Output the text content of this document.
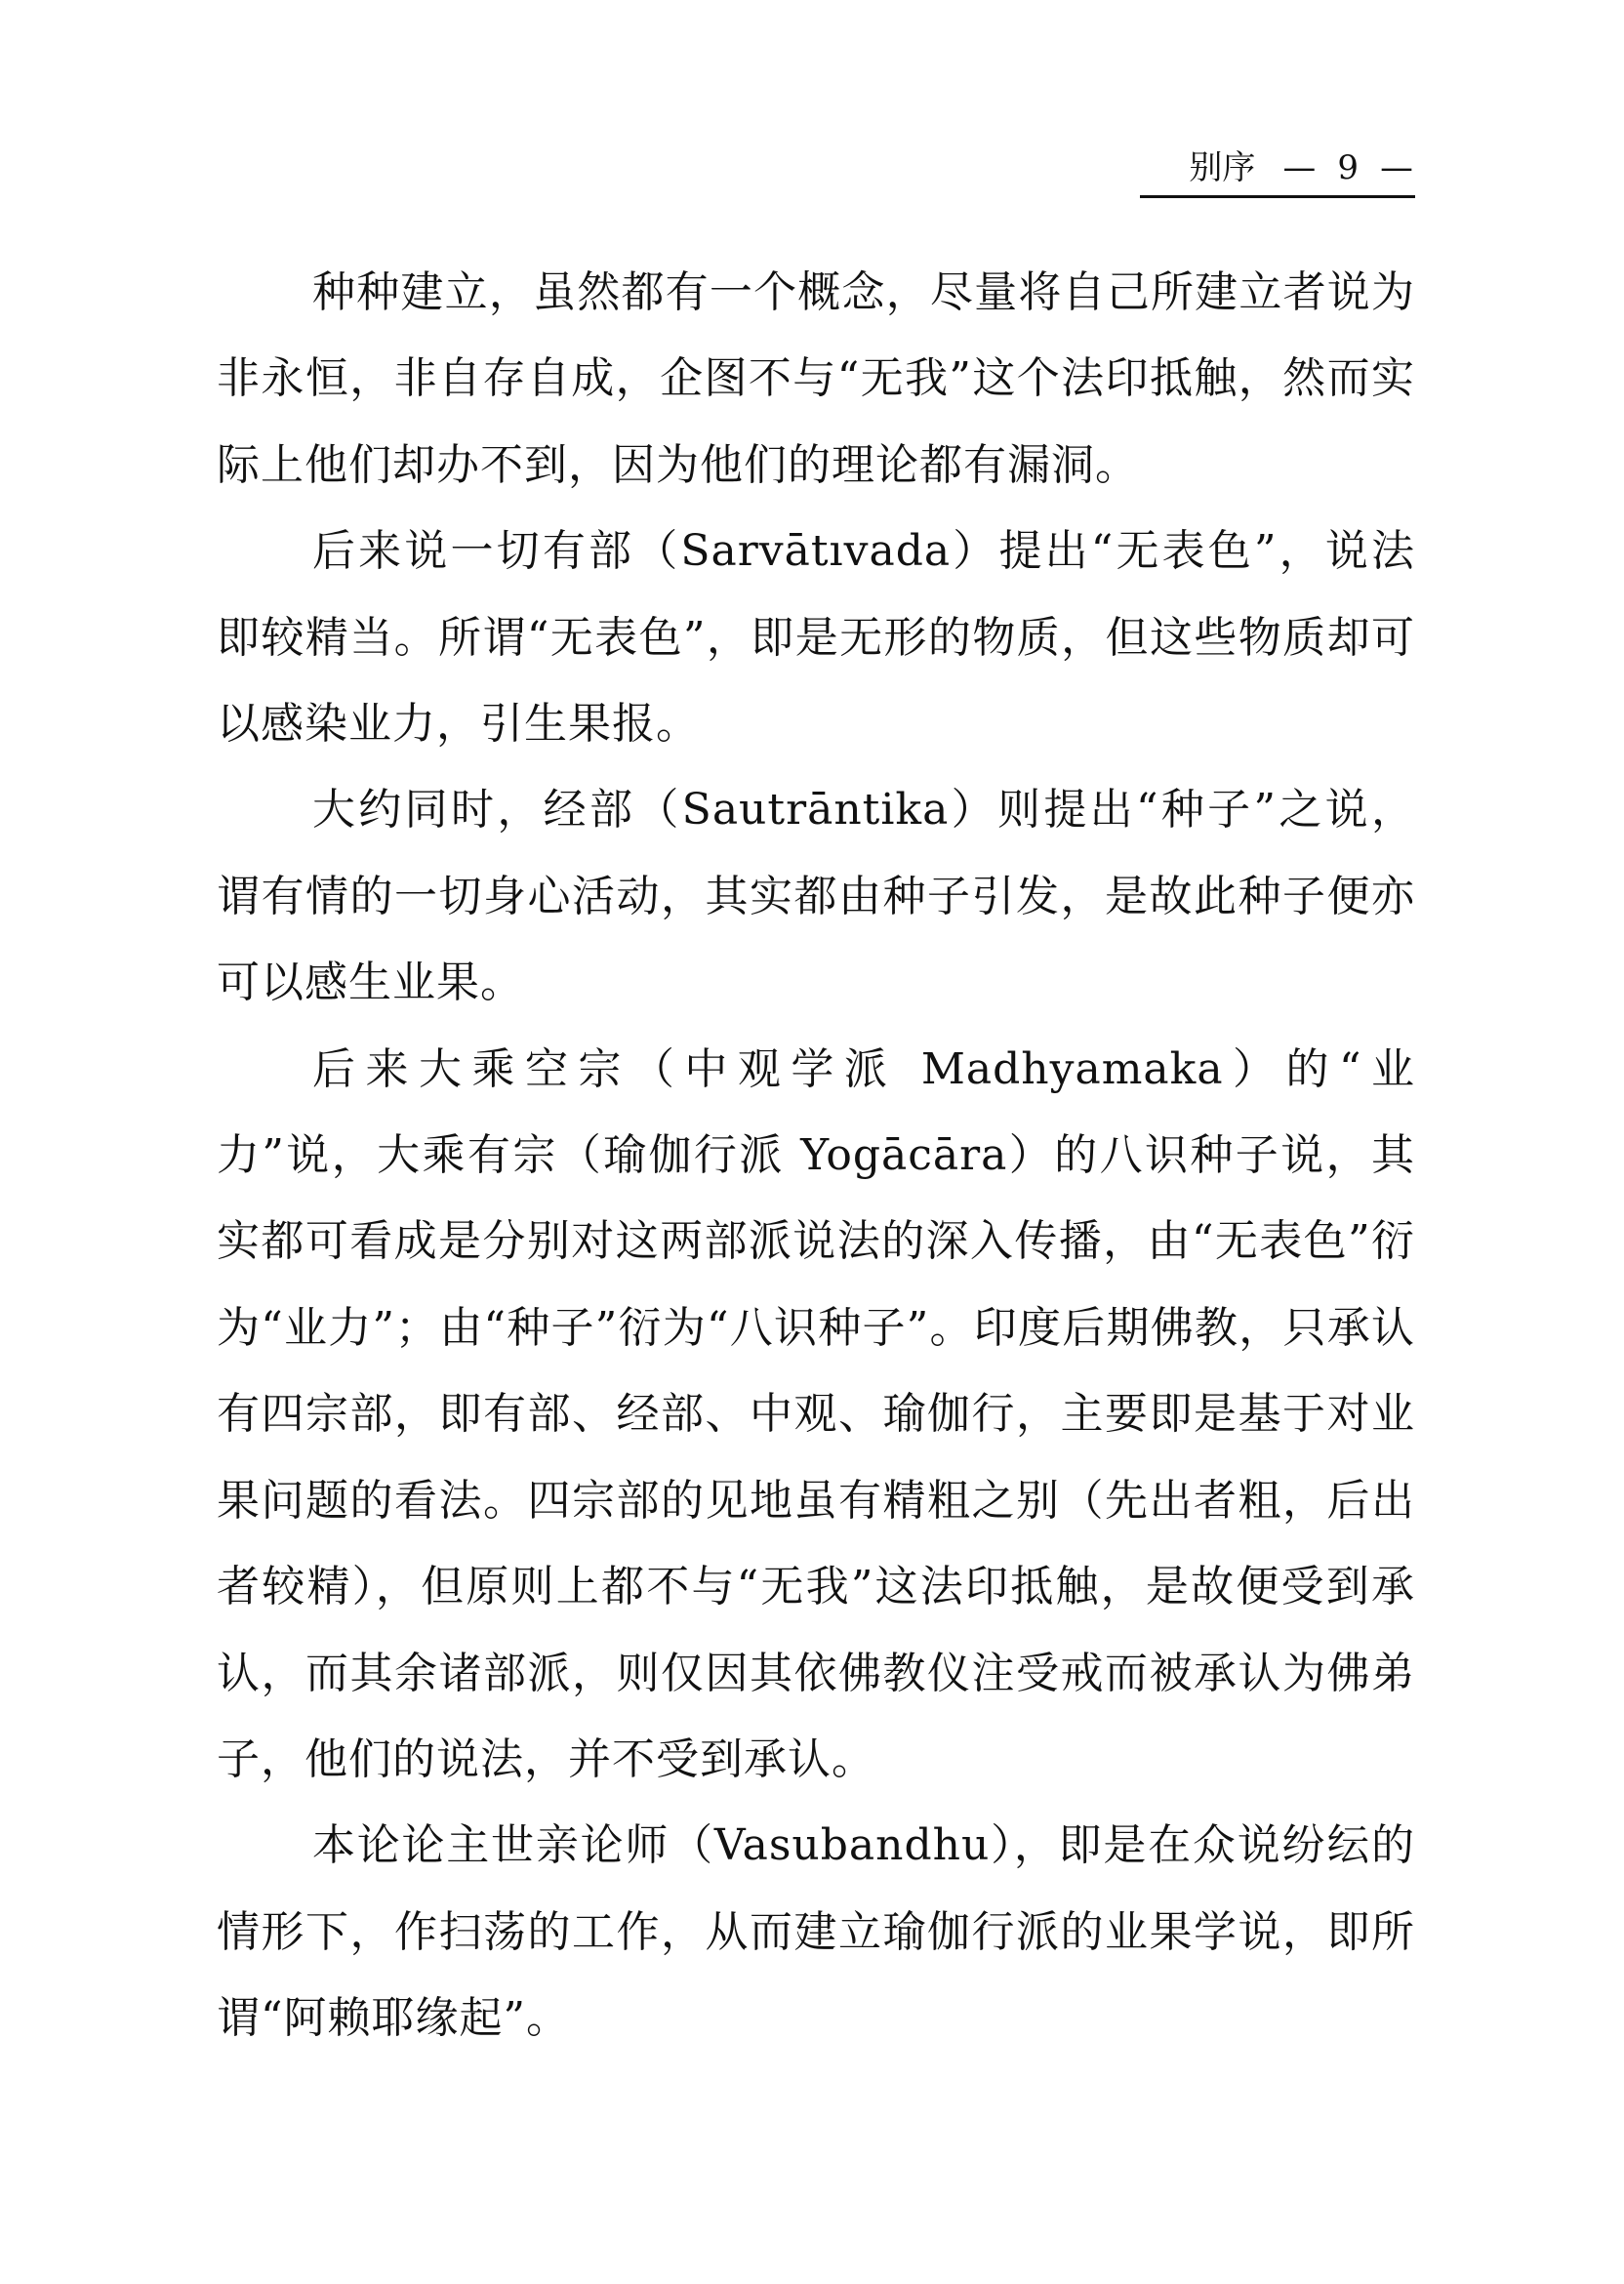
别序 — 9 —

种种建立，虽然都有一个概念，尽量将自己所建立者说为非永恒，非自存自成，企图不与“无我”这个法印抵触，然而实际上他们却办不到，因为他们的理论都有漏洞。

后来说一切有部（Sarvātıvada）提出“无表色”，说法即较精当。所谓“无表色”，即是无形的物质，但这些物质却可以感染业力，引生果报。

大约同时，经部（Sautrāntika）则提出“种子”之说，谓有情的一切身心活动，其实都由种子引发，是故此种子便亦可以感生业果。

后来大乘空宗（中观学派 Madhyamaka）的“业力”说，大乘有宗（瑜伽行派 Yogācāra）的八识种子说，其实都可看成是分别对这两部派说法的深入传播，由“无表色”衍为“业力”；由“种子”衍为“八识种子”。印度后期佛教，只承认有四宗部，即有部、经部、中观、瑜伽行，主要即是基于对业果问题的看法。四宗部的见地虽有精粗之别（先出者粗，后出者较精），但原则上都不与“无我”这法印抵触，是故便受到承认，而其余诸部派，则仅因其依佛教仪注受戒而被承认为佛弟子，他们的说法，并不受到承认。

本论论主世亲论师（Vasubandhu），即是在众说纷纭的情形下，作扫荡的工作，从而建立瑜伽行派的业果学说，即所谓“阿赖耶缘起”。
